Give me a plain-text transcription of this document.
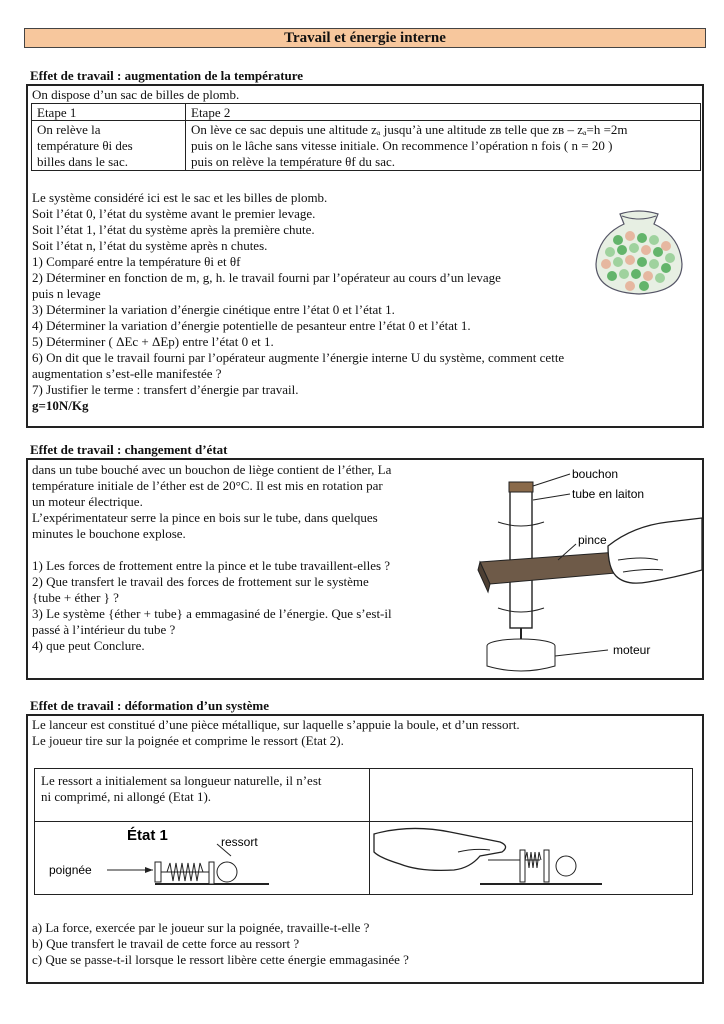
Travail et énergie interne
Effet de travail : augmentation de la température
On dispose d’un sac de billes de plomb.
Etape 1	Etape 2
On relève la
température θi des
billes dans le sac.
On lève ce sac depuis une altitude zₐ jusqu’à une altitude zʙ telle que zʙ – zₐ=h =2m
puis on le lâche sans vitesse initiale. On recommence l’opération n fois ( n = 20 )
puis on relève la température θf du sac.
Le système considéré ici est le sac et les billes de plomb.
Soit l’état 0, l’état du système avant le premier levage.
Soit l’état 1, l’état du système après la première chute.
Soit l’état n, l’état du système après n chutes.
1) Comparé entre la température θi et θf
2) Déterminer en fonction de m, g, h. le travail fourni par l’opérateur au cours d’un levage
puis n levage
3) Déterminer la variation d’énergie cinétique entre l’état 0 et l’état 1.
4) Déterminer la variation d’énergie potentielle de pesanteur entre l’état 0 et l’état 1.
5) Déterminer ( ΔEc + ΔEp) entre l’état 0 et 1.
6) On dit que le travail fourni par l’opérateur augmente l’énergie interne U du système, comment cette
augmentation s’est-elle manifestée ?
7) Justifier le terme : transfert d’énergie par travail.
g=10N/Kg
Effet de travail : changement d’état
dans un tube bouché avec un bouchon de liège contient de l’éther, La
température initiale de l’éther est de 20°C. Il est mis en rotation par
un moteur électrique.
L’expérimentateur serre la pince en bois sur le tube, dans quelques
minutes le bouchone explose.
1) Les forces de frottement entre la pince et le tube travaillent-elles ?
2) Que transfert le travail des forces de frottement sur le système
{tube + éther } ?
3) Le système {éther + tube} a emmagasiné de l’énergie. Que s’est-il
passé à l’intérieur du tube ?
4) que peut Conclure.
bouchon
tube en laiton
pince
moteur
Effet de travail : déformation d’un système
Le lanceur est constitué d’une pièce métallique, sur laquelle s’appuie la boule, et d’un ressort.
Le joueur tire sur la poignée et comprime le ressort (Etat 2).
Le ressort a initialement sa longueur naturelle, il n’est
ni comprimé, ni allongé (Etat 1).
État 1	ressort
poignée
a) La force, exercée par le joueur sur la poignée, travaille-t-elle ?
b) Que transfert le travail de cette force au ressort ?
c) Que se passe-t-il lorsque le ressort libère cette énergie emmagasinée ?
